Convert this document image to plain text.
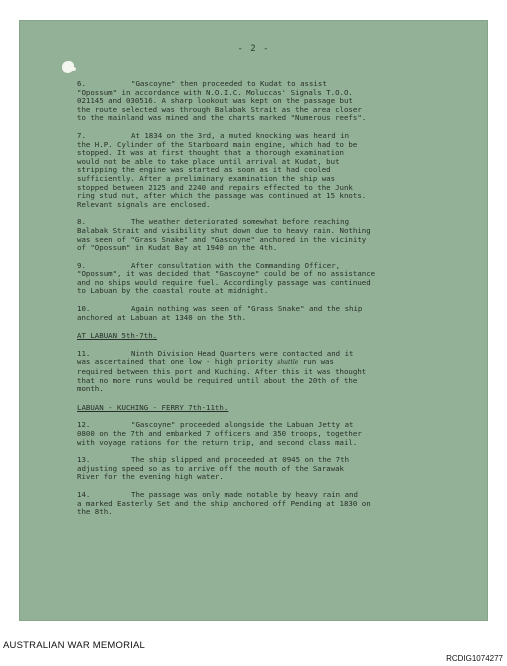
- 2 -
6.	"Gascoyne" then proceeded to Kudat to assist
"Opossum" in accordance with N.O.I.C. Moluccas' Signals T.O.O.
021145 and 030516. A sharp lookout was kept on the passage but
the route selected was through Balabak Strait as the area closer
to the mainland was mined and the charts marked "Numerous reefs".
7.	At 1834 on the 3rd, a muted knocking was heard in
the H.P. Cylinder of the Starboard main engine, which had to be
stopped. It was at first thought that a thorough examination
would not be able to take place until arrival at Kudat, but
stripping the engine was started as soon as it had cooled
sufficiently. After a preliminary examination the ship was
stopped between 2125 and 2240 and repairs effected to the Junk
ring stud nut, after which the passage was continued at 15 knots.
Relevant signals are enclosed.
8.	The weather deteriorated somewhat before reaching
Balabak Strait and visibility shut down due to heavy rain. Nothing
was seen of "Grass Snake" and "Gascoyne" anchored in the vicinity
of "Opossum" in Kudat Bay at 1940 on the 4th.
9.	After consultation with the Commanding Officer,
"Opossum", it was decided that "Gascoyne" could be of no assistance
and no ships would require fuel. Accordingly passage was continued
to Labuan by the coastal route at midnight.
10.	Again nothing was seen of "Grass Snake" and the ship
anchored at Labuan at 1340 on the 5th.
AT LABUAN 5th-7th.
11.	Ninth Division Head Quarters were contacted and it
was ascertained that one low - high priority shuttle run was
required between this port and Kuching. After this it was thought
that no more runs would be required until about the 20th of the
month.
LABUAN - KUCHING - FERRY 7th-11th.
12.	"Gascoyne" proceeded alongside the Labuan Jetty at
0800 on the 7th and embarked 7 officers and 350 troops, together
with voyage rations for the return trip, and second class mail.
13.	The ship slipped and proceeded at 0945 on the 7th
adjusting speed so as to arrive off the mouth of the Sarawak
River for the evening high water.
14.	The passage was only made notable by heavy rain and
a marked Easterly Set and the ship anchored off Pending at 1830 on
the 8th.
AUSTRALIAN WAR MEMORIAL
RCDIG1074277
